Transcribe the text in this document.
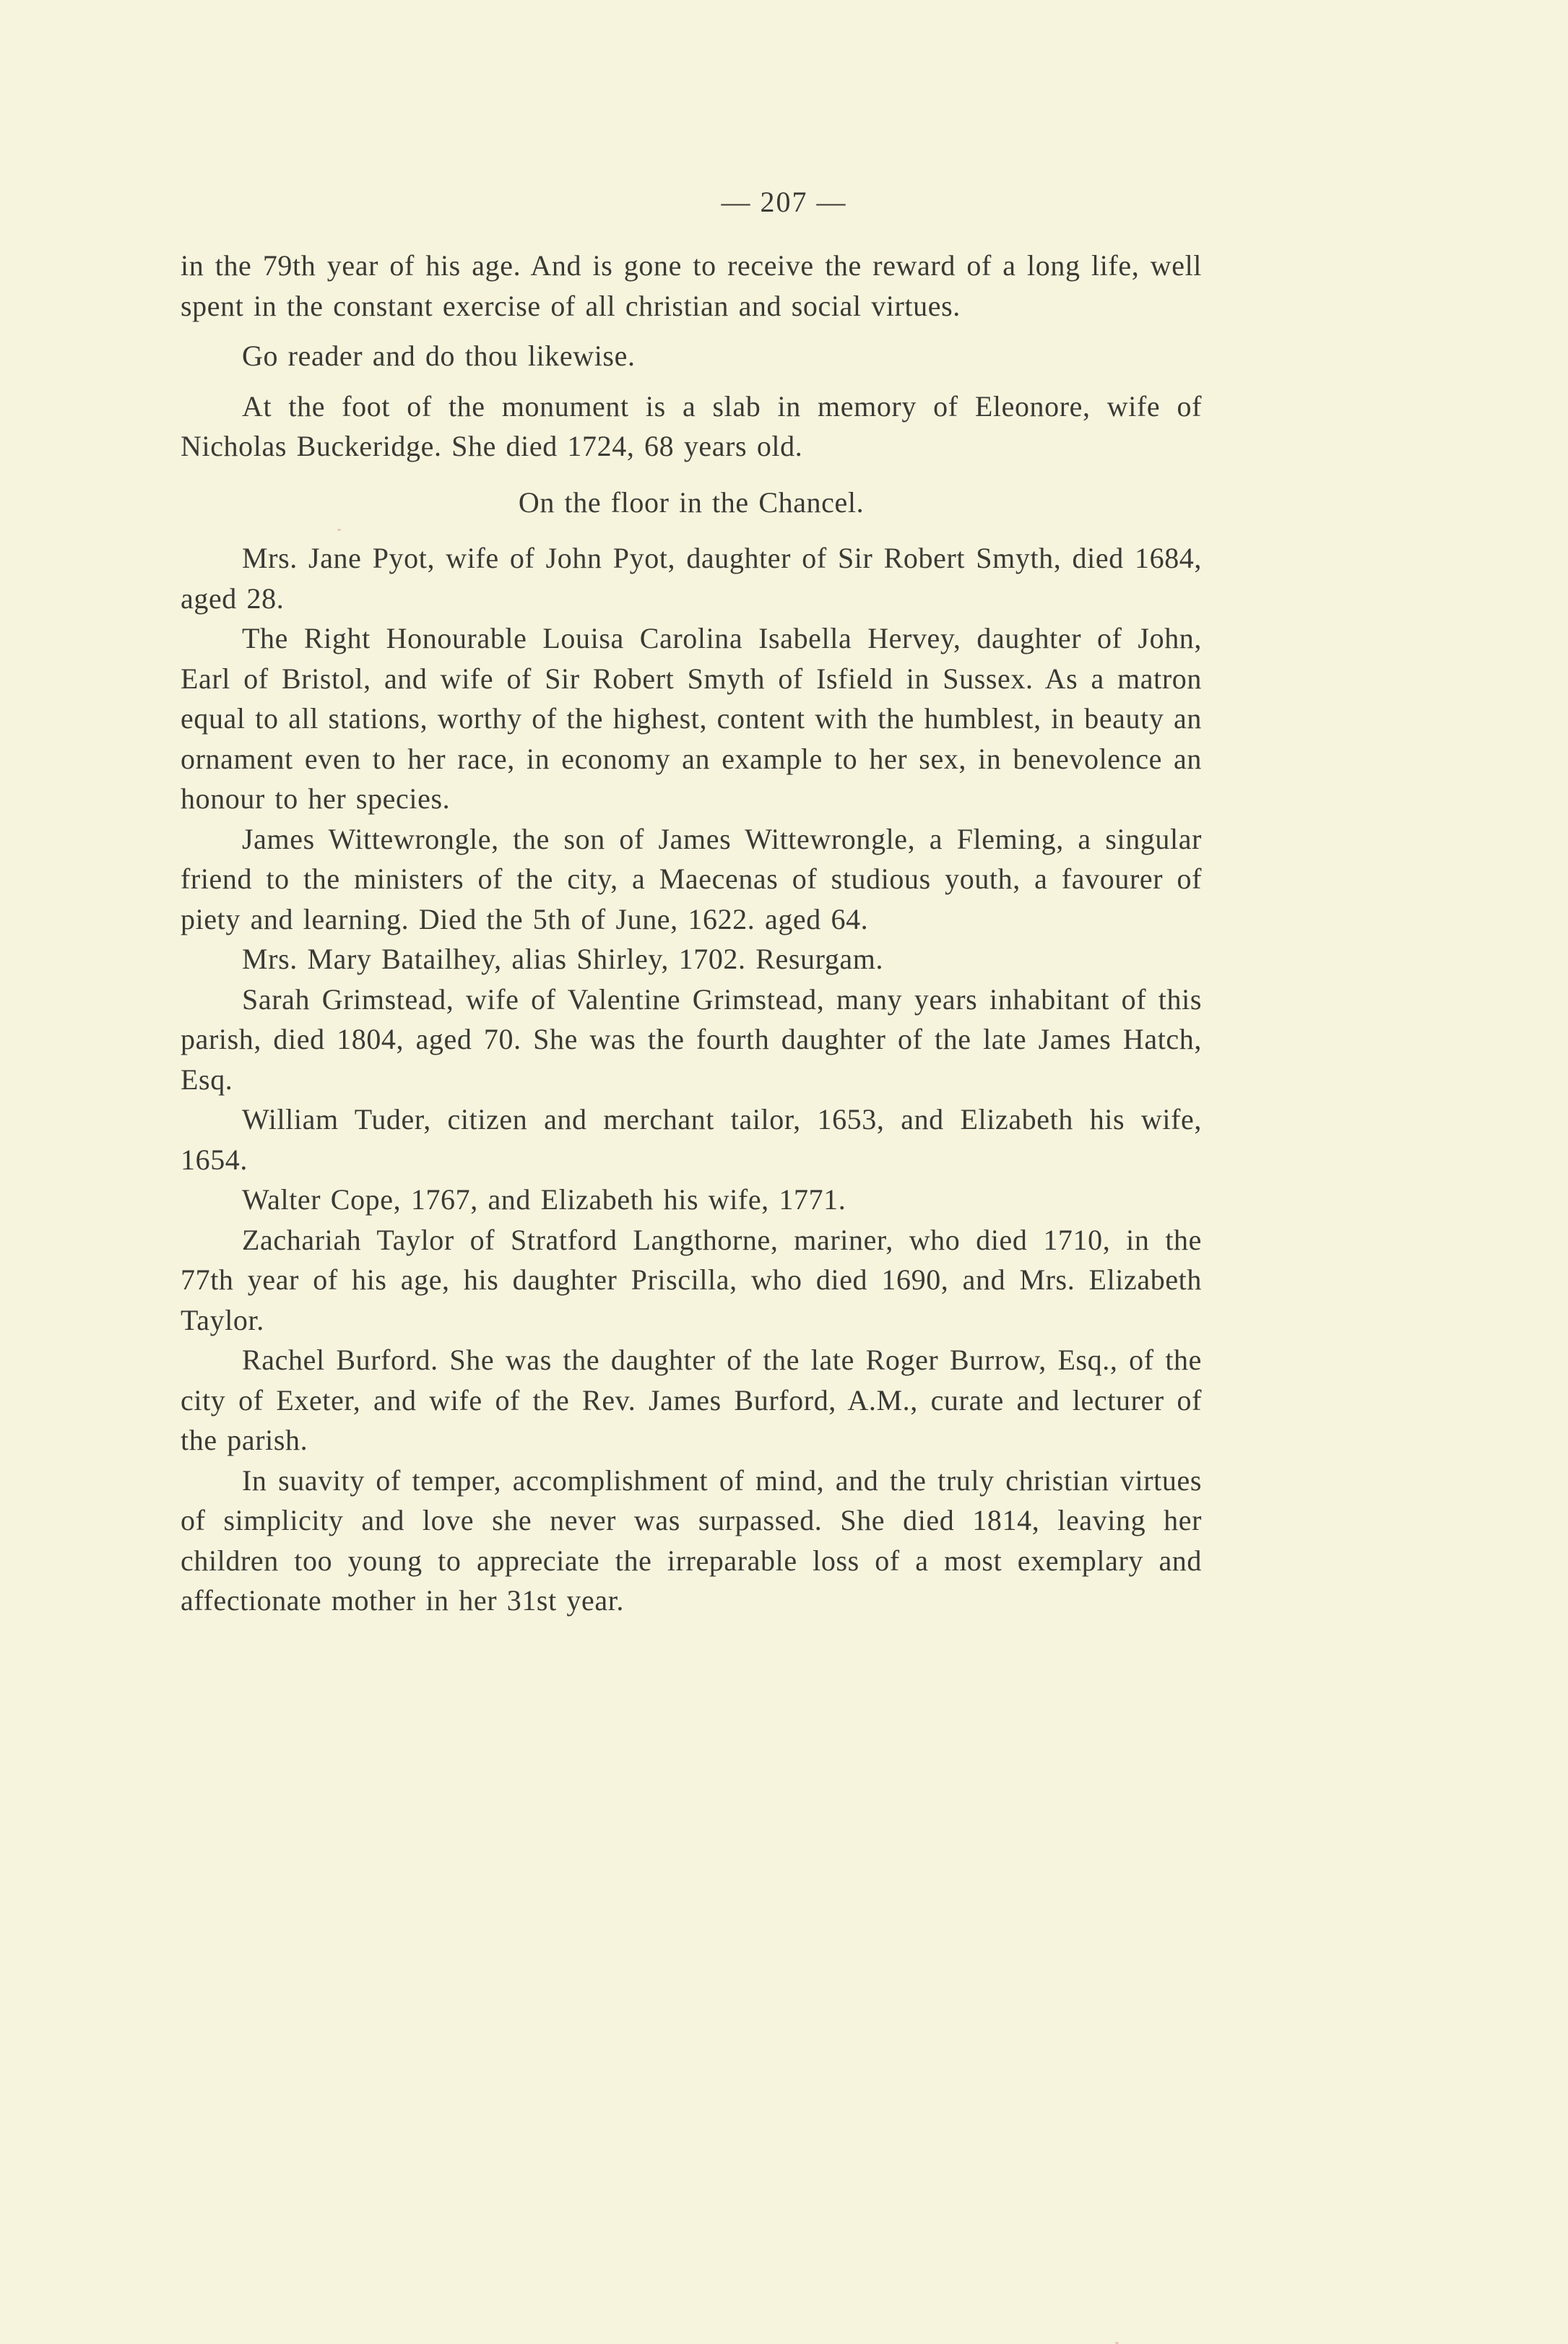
— 207 —

in the 79th year of his age. And is gone to receive the reward of a long life, well spent in the constant exercise of all christian and social virtues.

Go reader and do thou likewise.

At the foot of the monument is a slab in memory of Eleonore, wife of Nicholas Buckeridge. She died 1724, 68 years old.

On the floor in the Chancel.

Mrs. Jane Pyot, wife of John Pyot, daughter of Sir Robert Smyth, died 1684, aged 28.

The Right Honourable Louisa Carolina Isabella Hervey, daughter of John, Earl of Bristol, and wife of Sir Robert Smyth of Isfield in Sussex. As a matron equal to all stations, worthy of the highest, content with the humblest, in beauty an ornament even to her race, in economy an example to her sex, in benevolence an honour to her species.

James Wittewrongle, the son of James Wittewrongle, a Fleming, a singular friend to the ministers of the city, a Maecenas of studious youth, a favourer of piety and learning. Died the 5th of June, 1622. aged 64.

Mrs. Mary Batailhey, alias Shirley, 1702. Resurgam.

Sarah Grimstead, wife of Valentine Grimstead, many years inhabitant of this parish, died 1804, aged 70. She was the fourth daughter of the late James Hatch, Esq.

William Tuder, citizen and merchant tailor, 1653, and Elizabeth his wife, 1654.

Walter Cope, 1767, and Elizabeth his wife, 1771.

Zachariah Taylor of Stratford Langthorne, mariner, who died 1710, in the 77th year of his age, his daughter Priscilla, who died 1690, and Mrs. Elizabeth Taylor.

Rachel Burford. She was the daughter of the late Roger Burrow, Esq., of the city of Exeter, and wife of the Rev. James Burford, A.M., curate and lecturer of the parish.

In suavity of temper, accomplishment of mind, and the truly christian virtues of simplicity and love she never was surpassed. She died 1814, leaving her children too young to appreciate the irreparable loss of a most exemplary and affectionate mother in her 31st year.
